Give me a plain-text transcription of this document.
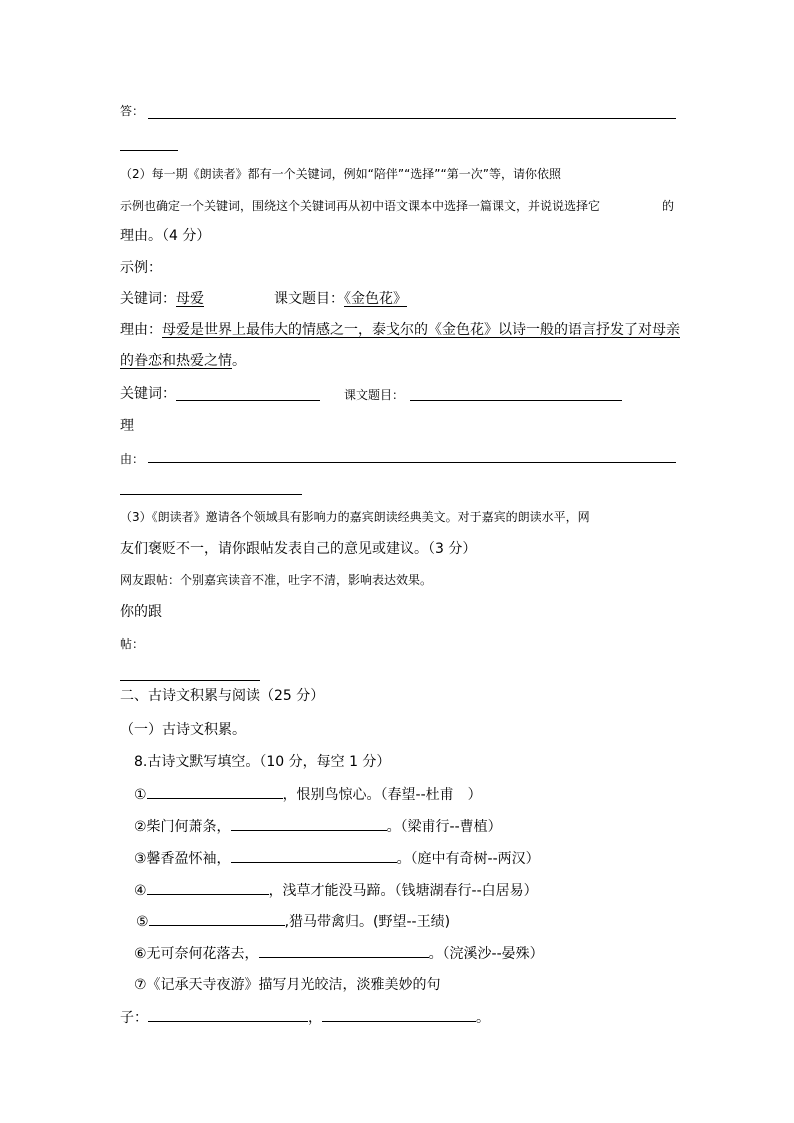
答：
（2）每一期《朗读者》都有一个关键词，例如“陪伴”“选择”“第一次”等，请你依照
示例也确定一个关键词，围绕这个关键词再从初中语文课本中选择一篇课文，并说说选择它	的
理由。（4 分）
示例：
关键词：母爱	课文题目：《金色花》
理由：母爱是世界上最伟大的情感之一，泰戈尔的《金色花》以诗一般的语言抒发了对母亲
的眷恋和热爱之情。
关键词：	课文题目：
理
由：
（3）《朗读者》邀请各个领域具有影响力的嘉宾朗读经典美文。对于嘉宾的朗读水平，网
友们褒贬不一，请你跟帖发表自己的意见或建议。（3 分）
网友跟帖：个别嘉宾读音不准，吐字不清，影响表达效果。
你的跟
帖：
二、古诗文积累与阅读（25 分）
（一）古诗文积累。
8.古诗文默写填空。（10 分，每空 1 分）
①	，恨别鸟惊心。（春望--杜甫　）
②柴门何萧条，	。（梁甫行--曹植）
③馨香盈怀袖，	。（庭中有奇树--两汉）
④	，浅草才能没马蹄。（钱塘湖春行--白居易）
⑤	,猎马带禽归。(野望--王绩)
⑥无可奈何花落去，	。（浣溪沙--晏殊）
⑦《记承天寺夜游》描写月光皎洁，淡雅美妙的句
子：	，	。
